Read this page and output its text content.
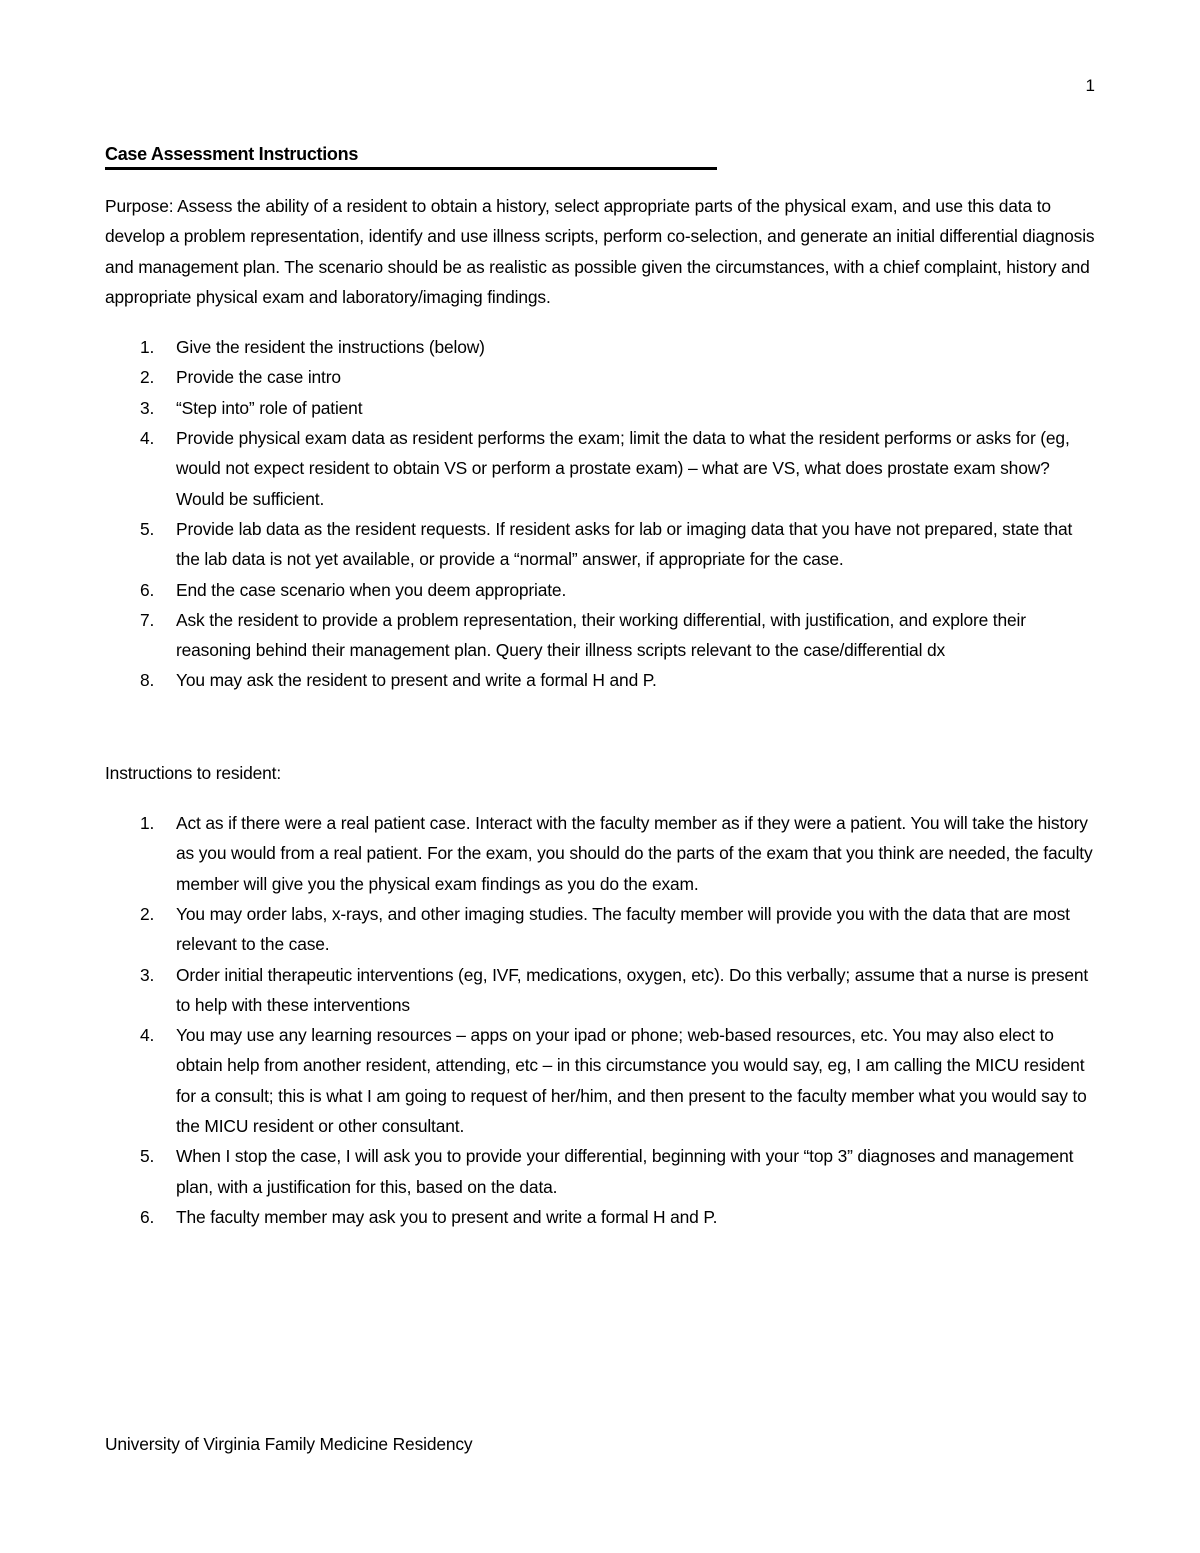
1
Case Assessment Instructions

Purpose: Assess the ability of a resident to obtain a history, select appropriate parts of the physical exam, and use this data to develop a problem representation, identify and use illness scripts, perform co-selection, and generate an initial differential diagnosis and management plan. The scenario should be as realistic as possible given the circumstances, with a chief complaint, history and appropriate physical exam and laboratory/imaging findings.

1. Give the resident the instructions (below)
2. Provide the case intro
3. “Step into” role of patient
4. Provide physical exam data as resident performs the exam; limit the data to what the resident performs or asks for (eg, would not expect resident to obtain VS or perform a prostate exam) – what are VS, what does prostate exam show? Would be sufficient.
5. Provide lab data as the resident requests. If resident asks for lab or imaging data that you have not prepared, state that the lab data is not yet available, or provide a “normal” answer, if appropriate for the case.
6. End the case scenario when you deem appropriate.
7. Ask the resident to provide a problem representation, their working differential, with justification, and explore their reasoning behind their management plan. Query their illness scripts relevant to the case/differential dx
8. You may ask the resident to present and write a formal H and P.

Instructions to resident:

1. Act as if there were a real patient case. Interact with the faculty member as if they were a patient. You will take the history as you would from a real patient. For the exam, you should do the parts of the exam that you think are needed, the faculty member will give you the physical exam findings as you do the exam.
2. You may order labs, x-rays, and other imaging studies. The faculty member will provide you with the data that are most relevant to the case.
3. Order initial therapeutic interventions (eg, IVF, medications, oxygen, etc). Do this verbally; assume that a nurse is present to help with these interventions
4. You may use any learning resources – apps on your ipad or phone; web-based resources, etc. You may also elect to obtain help from another resident, attending, etc – in this circumstance you would say, eg, I am calling the MICU resident for a consult; this is what I am going to request of her/him, and then present to the faculty member what you would say to the MICU resident or other consultant.
5. When I stop the case, I will ask you to provide your differential, beginning with your “top 3” diagnoses and management plan, with a justification for this, based on the data.
6. The faculty member may ask you to present and write a formal H and P.
University of Virginia Family Medicine Residency
